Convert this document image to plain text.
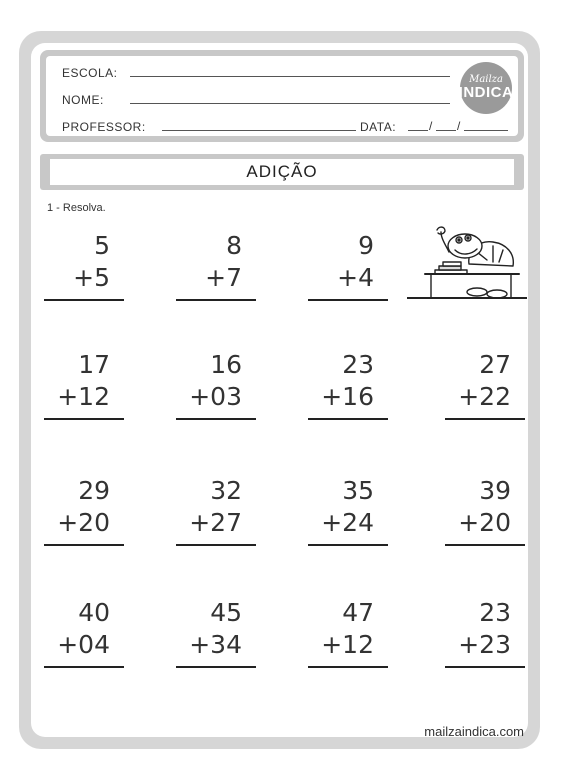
ESCOLA:
NOME:
PROFESSOR:	DATA:	/ /
Mailza
INDICA
ADIÇÃO
1 - Resolva.
5
+5
8
+7
9
+4
17
+12
16
+03
23
+16
27
+22
29
+20
32
+27
35
+24
39
+20
40
+04
45
+34
47
+12
23
+23
mailzaindica.com
